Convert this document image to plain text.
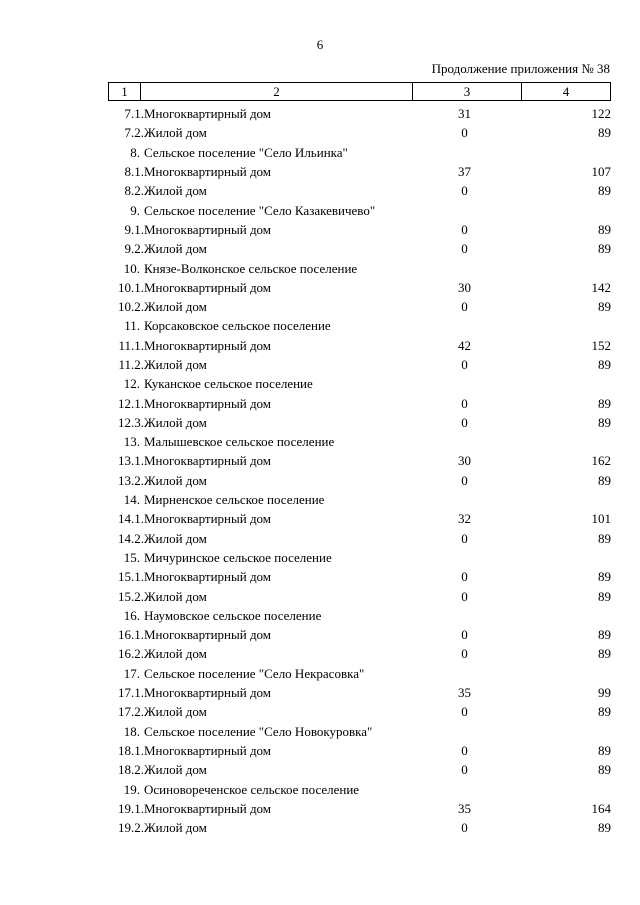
6
Продолжение приложения № 38
1	2	3	4
7.1.	Многоквартирный дом	31	122
7.2.	Жилой дом	0	89
8.	Сельское поселение "Село Ильинка"		
8.1.	Многоквартирный дом	37	107
8.2.	Жилой дом	0	89
9.	Сельское поселение "Село Казакевичево"		
9.1.	Многоквартирный дом	0	89
9.2.	Жилой дом	0	89
10.	Князе-Волконское сельское поселение		
10.1.	Многоквартирный дом	30	142
10.2.	Жилой дом	0	89
11.	Корсаковское сельское поселение		
11.1.	Многоквартирный дом	42	152
11.2.	Жилой дом	0	89
12.	Куканское сельское поселение		
12.1.	Многоквартирный дом	0	89
12.3.	Жилой дом	0	89
13.	Малышевское сельское поселение		
13.1.	Многоквартирный дом	30	162
13.2.	Жилой дом	0	89
14.	Мирненское сельское поселение		
14.1.	Многоквартирный дом	32	101
14.2.	Жилой дом	0	89
15.	Мичуринское сельское поселение		
15.1.	Многоквартирный дом	0	89
15.2.	Жилой дом	0	89
16.	Наумовское сельское поселение		
16.1.	Многоквартирный дом	0	89
16.2.	Жилой дом	0	89
17.	Сельское поселение "Село Некрасовка"		
17.1.	Многоквартирный дом	35	99
17.2.	Жилой дом	0	89
18.	Сельское поселение "Село Новокуровка"		
18.1.	Многоквартирный дом	0	89
18.2.	Жилой дом	0	89
19.	Осиновореченское сельское поселение		
19.1.	Многоквартирный дом	35	164
19.2.	Жилой дом	0	89
